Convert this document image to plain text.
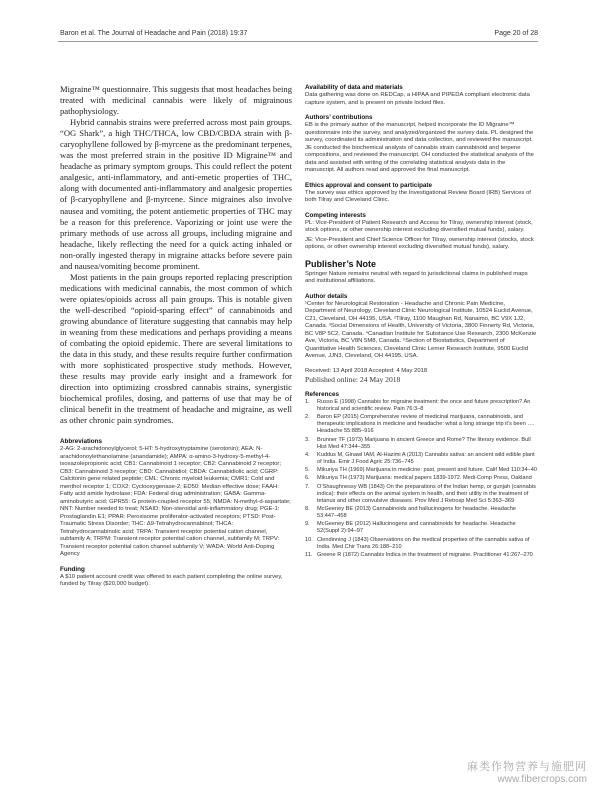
Baron et al. The Journal of Headache and Pain (2018) 19:37	Page 20 of 28

Migraine™ questionnaire. This suggests that most headaches being treated with medicinal cannabis were likely of migrainous pathophysiology.

Hybrid cannabis strains were preferred across most pain groups. “OG Shark”, a high THC/THCA, low CBD/CBDA strain with β-caryophyllene followed by β-myrcene as the predominant terpenes, was the most preferred strain in the positive ID Migraine™ and headache as primary symptom groups. This could reflect the potent analgesic, anti-inflammatory, and anti-emetic properties of THC, along with documented anti-inflammatory and analgesic properties of β-caryophyllene and β-myrcene. Since migraines also involve nausea and vomiting, the potent antiemetic properties of THC may be a reason for this preference. Vaporizing or joint use were the primary methods of use across all groups, including migraine and headache, likely reflecting the need for a quick acting inhaled or non-orally ingested therapy in migraine attacks before severe pain and nausea/vomiting become prominent.

Most patients in the pain groups reported replacing prescription medications with medicinal cannabis, the most common of which were opiates/opioids across all pain groups. This is notable given the well-described “opioid-sparing effect” of cannabinoids and growing abundance of literature suggesting that cannabis may help in weaning from these medications and perhaps providing a means of combating the opioid epidemic. There are several limitations to the data in this study, and these results require further confirmation with more sophisticated prospective study methods. However, these results may provide early insight and a framework for direction into optimizing crossbred cannabis strains, synergistic biochemical profiles, dosing, and patterns of use that may be of clinical benefit in the treatment of headache and migraine, as well as other chronic pain syndromes.

Abbreviations

2-AG: 2-arachidonoylglycerol; 5-HT: 5-hydroxytryptamine (serotonin); AEA: N-arachidonoylethanolamine (anandamide); AMPA: α-amino-3-hydroxy-5-methyl-4-isoxazolepropionic acid; CB1: Cannabinoid 1 receptor; CB2: Cannabinoid 2 receptor; CB3: Cannabinoid 3 receptor; CBD: Cannabidiol; CBDA: Cannabidiolic acid; CGRP: Calcitonin gene related peptide; CML: Chronic myeloid leukemia; CMR1: Cold and menthol receptor 1; COX2: Cyclooxygenase-2; ED50: Median effective dose; FAAH: Fatty acid amide hydrolase; FDA: Federal drug administration; GABA: Gamma-aminobutyric acid; GPR55: G protein-coupled receptor 55; NMDA: N-methyl-d-aspartate; NNT: Number needed to treat; NSAID: Non-steroidal anti-inflammatory drug; PGE-1: Prostaglandin E1; PPAR: Peroxisome proliferator-activated receptors; PTSD: Post-Traumatic Stress Disorder; THC: Δ9-Tetrahydrocannabinol; THCA: Tetrahydrocannabinolic acid; TRPA: Transient receptor potential cation channel, subfamily A; TRPM: Transient receptor potential cation channel, subfamily M; TRPV: Transient receptor potential cation channel subfamily V; WADA: World Anti-Doping Agency

Funding

A $10 patient account credit was offered to each patient completing the online survey, funded by Tilray ($20,000 budget).

Availability of data and materials

Data gathering was done on REDCap, a HIPAA and PIPEDA compliant electronic data capture system, and is present on private locked files.

Authors’ contributions

EB is the primary author of the manuscript, helped incorporate the ID Migraine™ questionnaire into the survey, and analyzed/organized the survey data. PL designed the survey, coordinated its administration and data collection, and reviewed the manuscript. JE conducted the biochemical analysis of cannabis strain cannabinoid and terpene compositions, and reviewed the manuscript. OH conducted the statistical analysis of the data and assisted with writing of the correlating statistical analysis data in the manuscript. All authors read and approved the final manuscript.

Ethics approval and consent to participate

The survey was ethics approved by the Investigational Review Board (IRB) Services of both Tilray and Cleveland Clinic.

Competing interests

PL: Vice-President of Patient Research and Access for Tilray, ownership interest (stock, stock options, or other ownership interest excluding diversified mutual funds), salary.

JE: Vice-President and Chief Science Officer for Tilray, ownership interest (stocks, stock options, or other ownership interest excluding diversified mutual funds), salary.

Publisher’s Note

Springer Nature remains neutral with regard to jurisdictional claims in published maps and institutional affiliations.

Author details

¹Center for Neurological Restoration - Headache and Chronic Pain Medicine, Department of Neurology, Cleveland Clinic Neurological Institute, 10524 Euclid Avenue, C21, Cleveland, OH 44195, USA. ²Tilray, 1100 Maughan Rd, Nanaimo, BC V9X 1J2, Canada. ³Social Dimensions of Health, University of Victoria, 3800 Finnerty Rd, Victoria, BC V8P 5C2, Canada. ⁴Canadian Institute for Substance Use Research, 2300 McKenzie Ave, Victoria, BC V8N 5M8, Canada. ⁵Section of Biostatistics, Department of Quantitative Health Sciences, Cleveland Clinic Lerner Research Institute, 9500 Euclid Avenue, JJN3, Cleveland, OH 44195, USA.

Received: 13 April 2018 Accepted: 4 May 2018

Published online: 24 May 2018

References

1.	Russo E (1998) Cannabis for migraine treatment: the once and future prescription? An historical and scientific review. Pain 76:3–8
2.	Baron EP (2015) Comprehensive review of medicinal marijuana, cannabinoids, and therapeutic implications in medicine and headache: what a long strange trip it’s been …. Headache 55:885–916
3.	Brunner TF (1973) Marijuana in ancient Greece and Rome? The literary evidence. Bull Hist Med 47:344–355
4.	Kuddus M, Ginawi IAM, Al-Hazimi A (2013) Cannabis sativa: an ancient wild edible plant of India. Emir J Food Agric 25:736–745
5.	Mikuriya TH (1969) Marijuana in medicine: past, present and future. Calif Med 110:34–40
6.	Mikuriya TH (1973) Marijuana: medical papers 1839-1972. Medi-Comp Press, Oakland
7.	O’Shaughnessy WB (1843) On the preparations of the Indian hemp, or gunjah (cannabis indica): their effects on the animal system in health, and their utility in the treatment of tetanus and other convulsive diseases. Prov Med J Retrosp Med Sci 5:363–369
8.	McGeeney BE (2013) Cannabinoids and hallucinogens for headache. Headache 53:447–458
9.	McGeeney BE (2012) Hallucinogens and cannabinoids for headache. Headache 52(Suppl 2):94–97
10. Clendinning J (1843) Observations on the medical properties of the cannabis sativa of India. Med Chir Trans 26:188–210
11. Greene R (1872) Cannabis Indica in the treatment of migraine. Practitioner 41:267–270
麻类作物营养与施肥网
www.fibercrops.com
